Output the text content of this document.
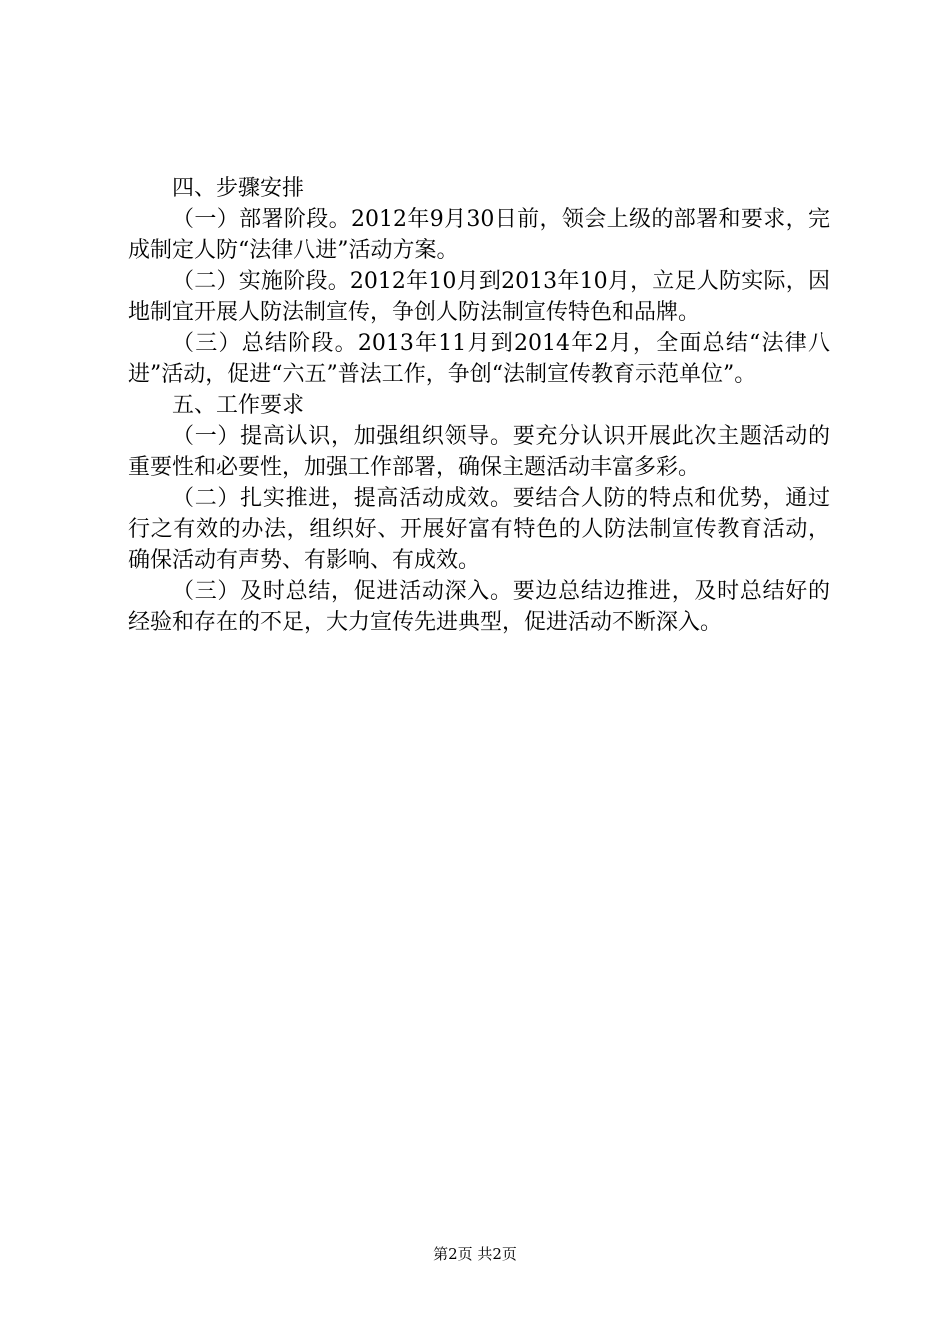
四、步骤安排

（一）部署阶段。2012年9月30日前，领会上级的部署和要求，完成制定人防“法律八进”活动方案。

（二）实施阶段。2012年10月到2013年10月，立足人防实际，因地制宜开展人防法制宣传，争创人防法制宣传特色和品牌。

（三）总结阶段。2013年11月到2014年2月，全面总结“法律八进”活动，促进“六五”普法工作，争创“法制宣传教育示范单位”。

五、工作要求

（一）提高认识，加强组织领导。要充分认识开展此次主题活动的重要性和必要性，加强工作部署，确保主题活动丰富多彩。

（二）扎实推进，提高活动成效。要结合人防的特点和优势，通过行之有效的办法，组织好、开展好富有特色的人防法制宣传教育活动，确保活动有声势、有影响、有成效。

（三）及时总结，促进活动深入。要边总结边推进，及时总结好的经验和存在的不足，大力宣传先进典型，促进活动不断深入。

第2页 共2页
